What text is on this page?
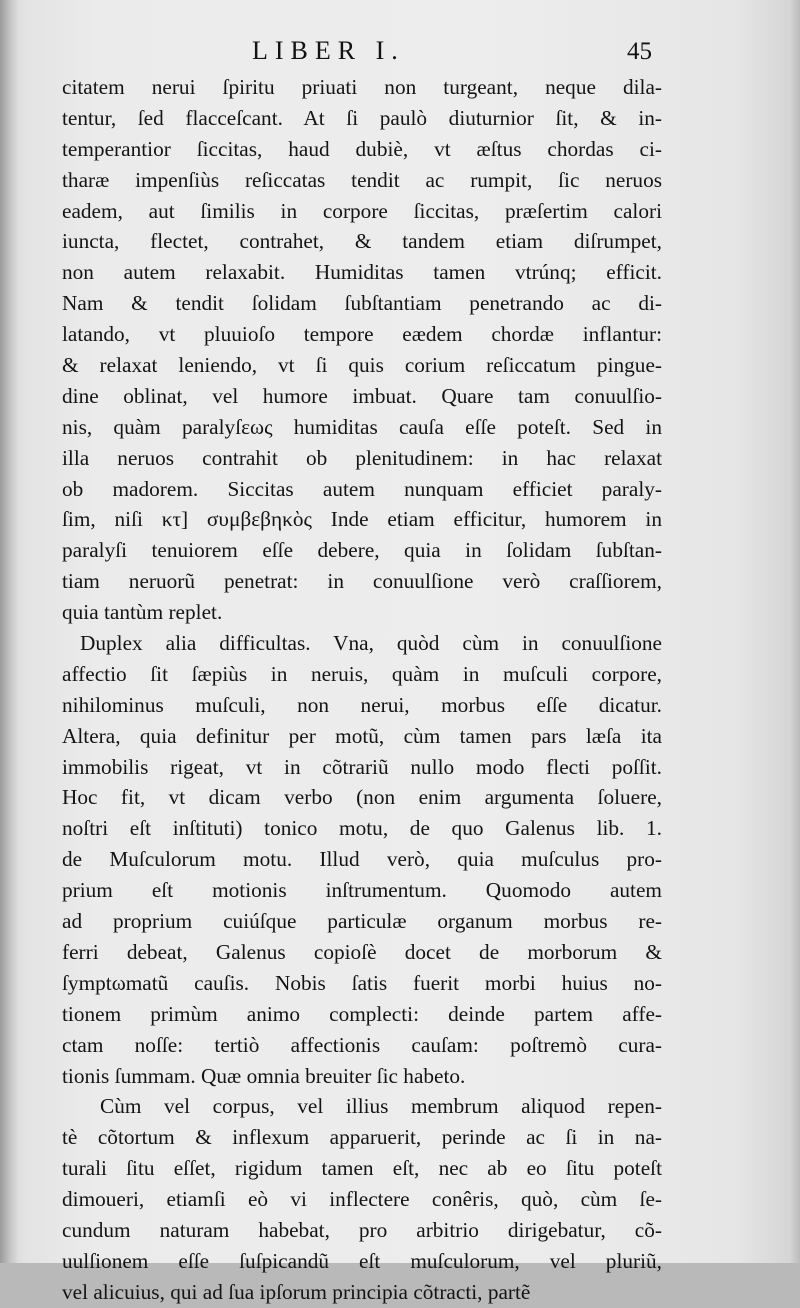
LIBER I.	45
citatem nerui ſpiritu priuati non turgeant, neque dila-
tentur, ſed flacceſcant. At ſi paulò diuturnior ſit, & in-
temperantior ſiccitas, haud dubiè, vt æſtus chordas ci-
tharæ impenſiùs reſiccatas tendit ac rumpit, ſic neruos
eadem, aut ſimilis in corpore ſiccitas, præſertim calori
iuncta, flectet, contrahet, & tandem etiam diſrumpet,
non autem relaxabit. Humiditas tamen vtrúnq; efficit.
Nam & tendit ſolidam ſubſtantiam penetrando ac di-
latando, vt pluuioſo tempore eædem chordæ inflantur:
& relaxat leniendo, vt ſi quis corium reſiccatum pingue-
dine oblinat, vel humore imbuat. Quare tam conuulſio-
nis, quàm paralyſεως humiditas cauſa eſſe poteſt. Sed in
illa neruos contrahit ob plenitudinem: in hac relaxat
ob madorem. Siccitas autem nunquam efficiet paraly-
ſim, niſi κτ] συμβεβηκὸς Inde etiam efficitur, humorem in
paralyſi tenuiorem eſſe debere, quia in ſolidam ſubſtan-
tiam neruorũ penetrat: in conuulſione verò craſſiorem,
quia tantùm replet.
Duplex alia difficultas. Vna, quòd cùm in conuulſione
affectio ſit ſæpiùs in neruis, quàm in muſculi corpore,
nihilominus muſculi, non nerui, morbus eſſe dicatur.
Altera, quia definitur per motũ, cùm tamen pars læſa ita
immobilis rigeat, vt in cõtrariũ nullo modo flecti poſſit.
Hoc fit, vt dicam verbo (non enim argumenta ſoluere,
noſtri eſt inſtituti) tonico motu, de quo Galenus lib. 1.
de Muſculorum motu. Illud verò, quia muſculus pro-
prium eſt motionis inſtrumentum. Quomodo autem
ad proprium cuiúſque particulæ organum morbus re-
ferri debeat, Galenus copioſè docet de morborum &
ſymptωmatũ cauſis. Nobis ſatis fuerit morbi huius no-
tionem primùm animo complecti: deinde partem affe-
ctam noſſe: tertiò affectionis cauſam: poſtremò cura-
tionis ſummam. Quæ omnia breuiter ſic habeto.
Cùm vel corpus, vel illius membrum aliquod repen-
tè cõtortum & inflexum apparuerit, perinde ac ſi in na-
turali ſitu eſſet, rigidum tamen eſt, nec ab eo ſitu poteſt
dimoueri, etiamſi eò vi inflectere conêris, quò, cùm ſe-
cundum naturam habebat, pro arbitrio dirigebatur, cõ-
uulſionem eſſe ſuſpicandũ eſt muſculorum, vel pluriũ,
vel alicuius, qui ad ſua ipſorum principia cõtracti, partẽ
